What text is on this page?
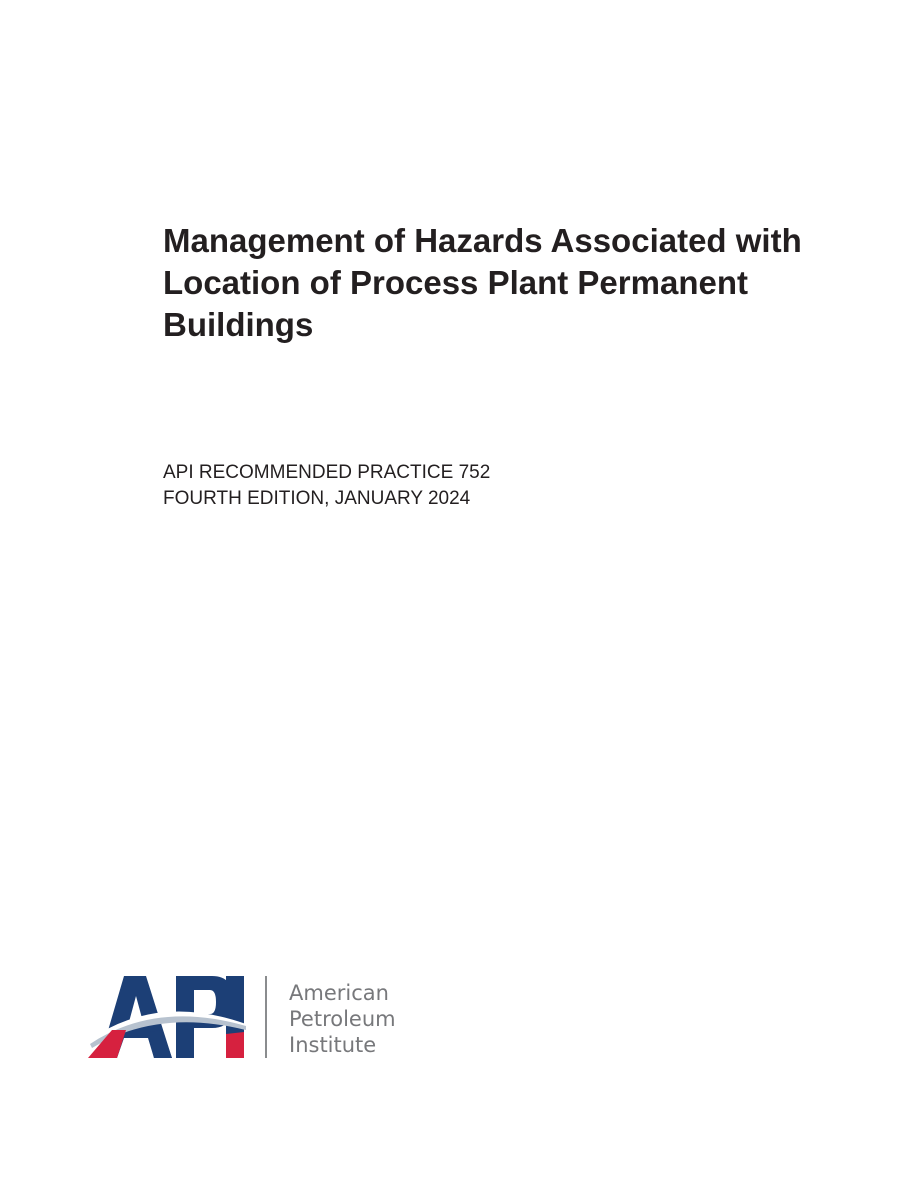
Management of Hazards Associated with
Location of Process Plant Permanent
Buildings
API RECOMMENDED PRACTICE 752
FOURTH EDITION, JANUARY 2024
American
Petroleum
Institute
